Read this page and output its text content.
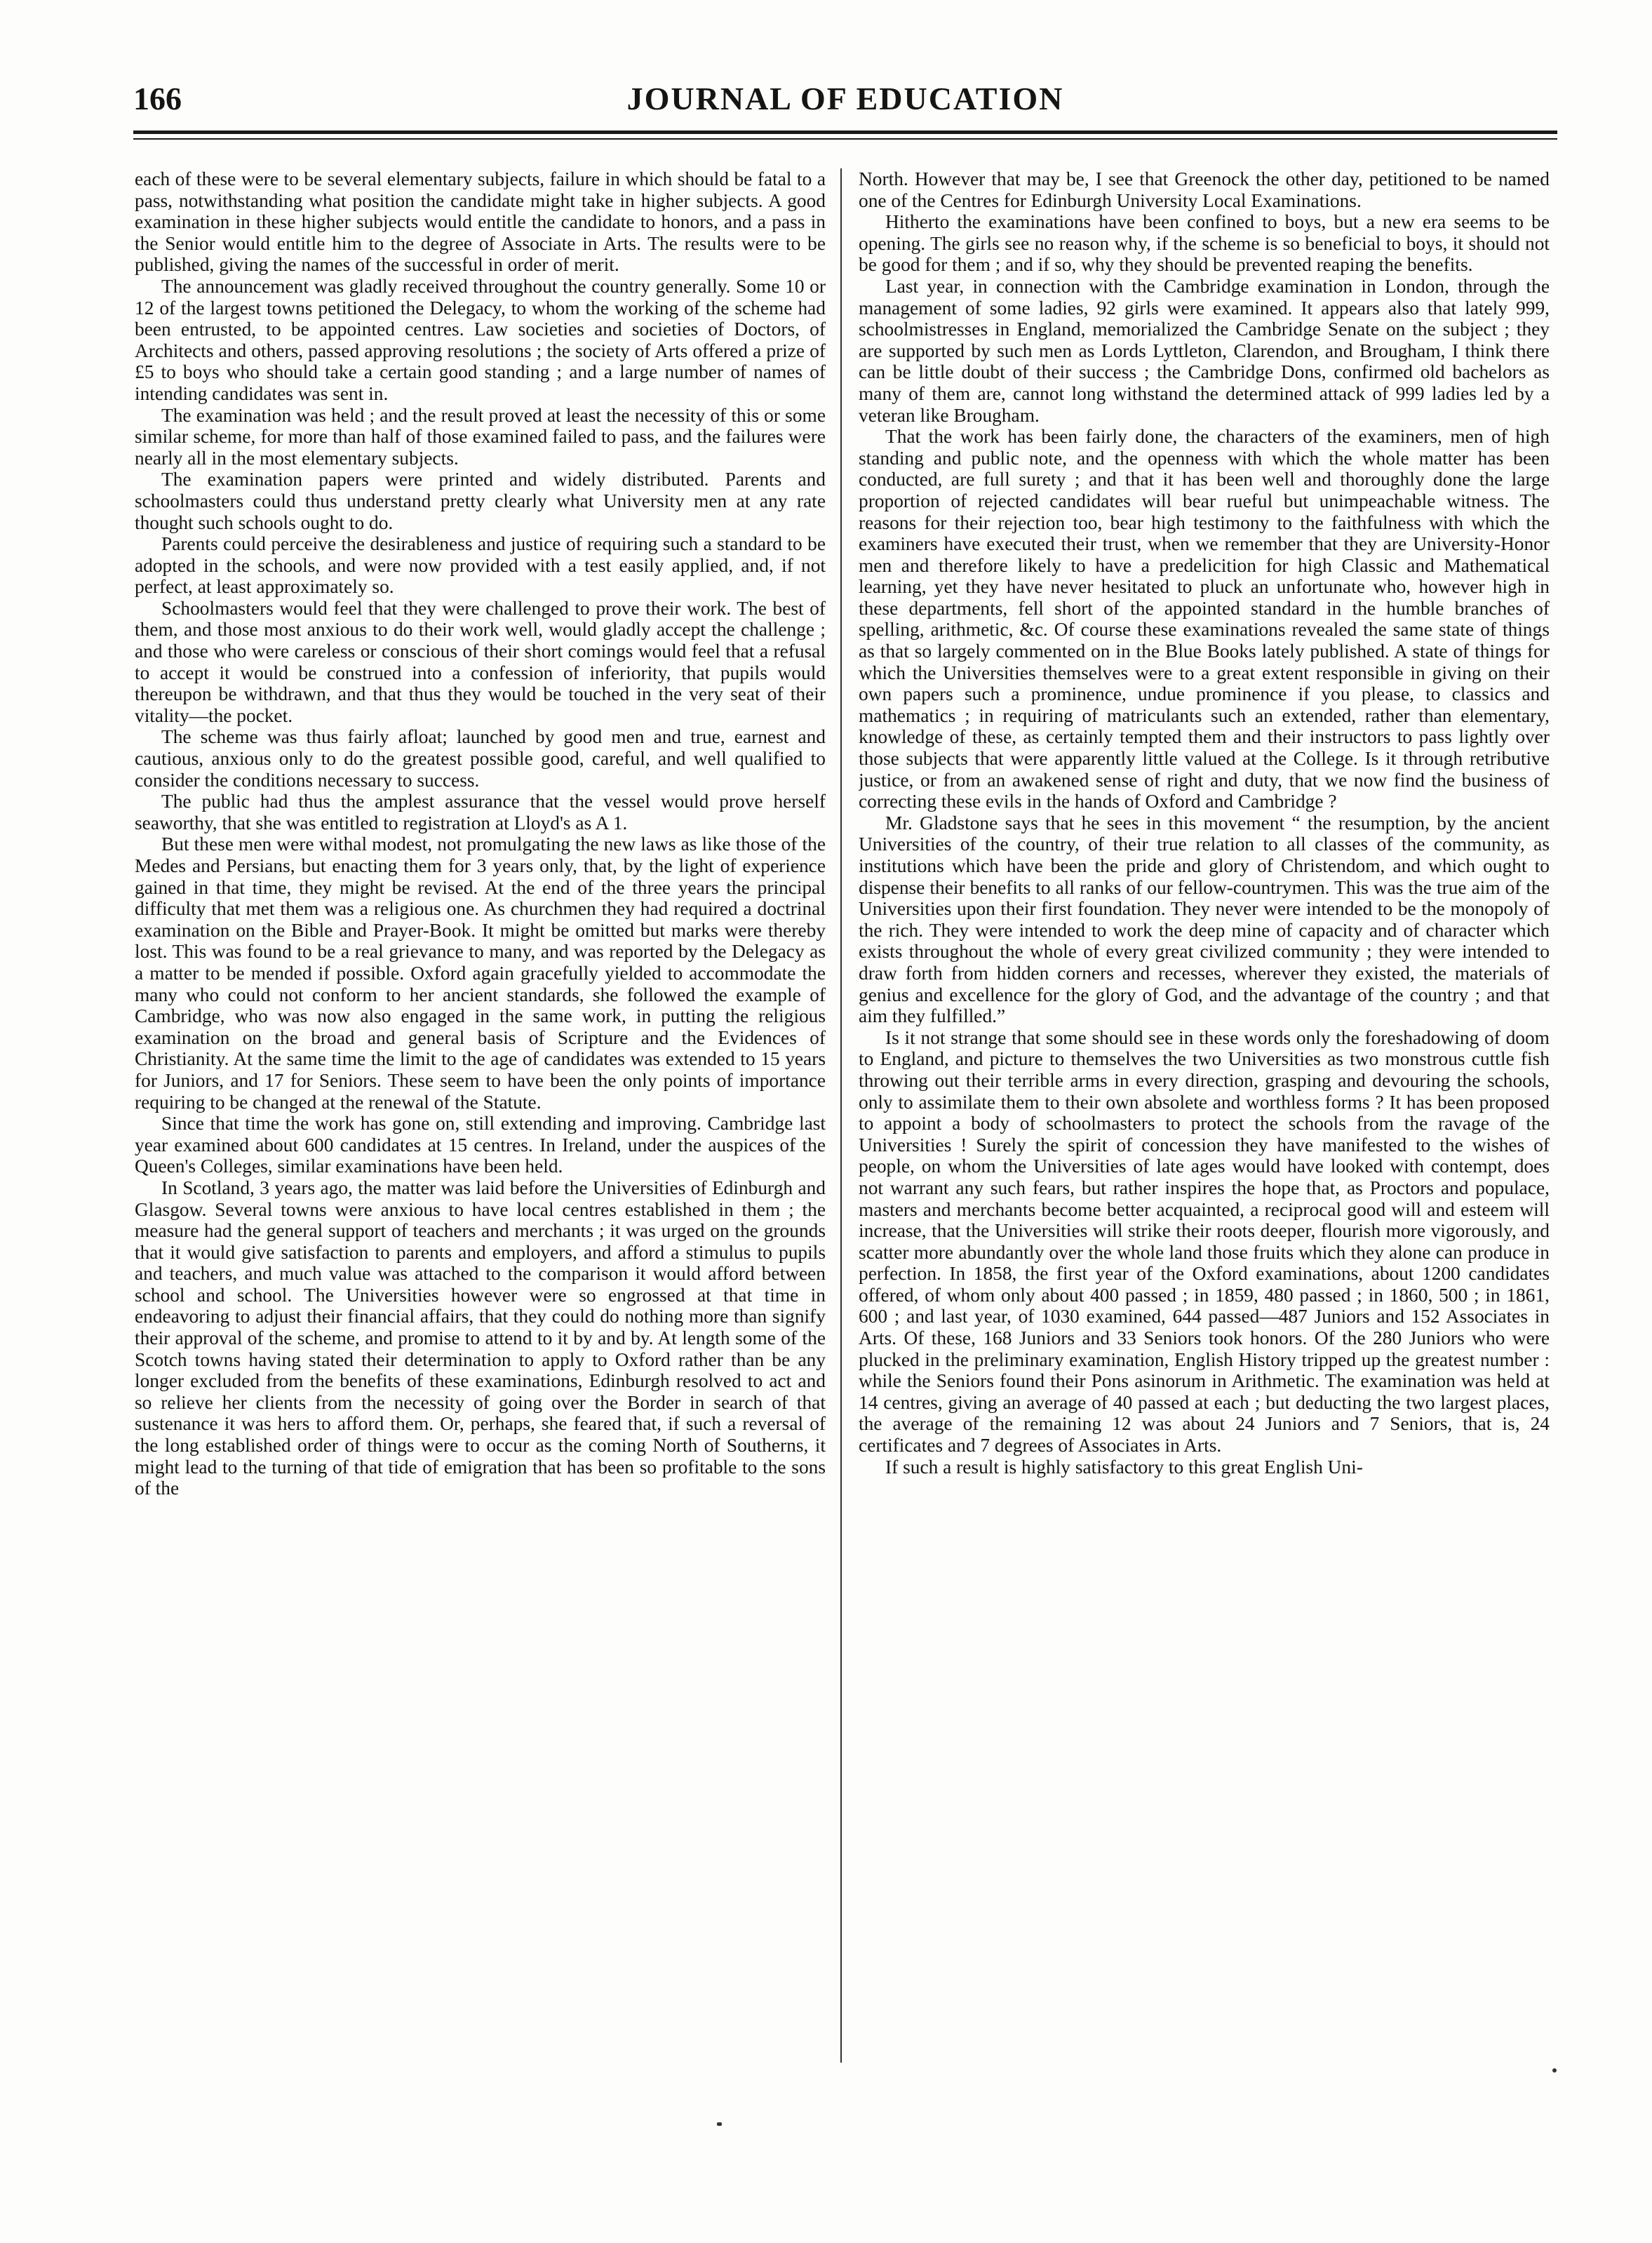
166	JOURNAL OF EDUCATION

each of these were to be several elementary subjects, failure in which should be fatal to a pass, notwithstanding what position the candidate might take in higher subjects. A good examination in these higher subjects would entitle the candidate to honors, and a pass in the Senior would entitle him to the degree of Associate in Arts. The results were to be published, giving the names of the successful in order of merit.

The announcement was gladly received throughout the country generally. Some 10 or 12 of the largest towns petitioned the Delegacy, to whom the working of the scheme had been entrusted, to be appointed centres. Law societies and societies of Doctors, of Architects and others, passed approving resolutions ; the society of Arts offered a prize of £5 to boys who should take a certain good standing ; and a large number of names of intending candidates was sent in.

The examination was held ; and the result proved at least the necessity of this or some similar scheme, for more than half of those examined failed to pass, and the failures were nearly all in the most elementary subjects.

The examination papers were printed and widely distributed. Parents and schoolmasters could thus understand pretty clearly what University men at any rate thought such schools ought to do.

Parents could perceive the desirableness and justice of requiring such a standard to be adopted in the schools, and were now provided with a test easily applied, and, if not perfect, at least approximately so.

Schoolmasters would feel that they were challenged to prove their work. The best of them, and those most anxious to do their work well, would gladly accept the challenge ; and those who were careless or conscious of their short comings would feel that a refusal to accept it would be construed into a confession of inferiority, that pupils would thereupon be withdrawn, and that thus they would be touched in the very seat of their vitality—the pocket.

The scheme was thus fairly afloat; launched by good men and true, earnest and cautious, anxious only to do the greatest possible good, careful, and well qualified to consider the conditions necessary to success.

The public had thus the amplest assurance that the vessel would prove herself seaworthy, that she was entitled to registration at Lloyd's as A 1.

But these men were withal modest, not promulgating the new laws as like those of the Medes and Persians, but enacting them for 3 years only, that, by the light of experience gained in that time, they might be revised. At the end of the three years the principal difficulty that met them was a religious one. As churchmen they had required a doctrinal examination on the Bible and Prayer-Book. It might be omitted but marks were thereby lost. This was found to be a real grievance to many, and was reported by the Delegacy as a matter to be mended if possible. Oxford again gracefully yielded to accommodate the many who could not conform to her ancient standards, she followed the example of Cambridge, who was now also engaged in the same work, in putting the religious examination on the broad and general basis of Scripture and the Evidences of Christianity. At the same time the limit to the age of candidates was extended to 15 years for Juniors, and 17 for Seniors. These seem to have been the only points of importance requiring to be changed at the renewal of the Statute.

Since that time the work has gone on, still extending and improving. Cambridge last year examined about 600 candidates at 15 centres. In Ireland, under the auspices of the Queen's Colleges, similar examinations have been held.

In Scotland, 3 years ago, the matter was laid before the Universities of Edinburgh and Glasgow. Several towns were anxious to have local centres established in them ; the measure had the general support of teachers and merchants ; it was urged on the grounds that it would give satisfaction to parents and employers, and afford a stimulus to pupils and teachers, and much value was attached to the comparison it would afford between school and school. The Universities however were so engrossed at that time in endeavoring to adjust their financial affairs, that they could do nothing more than signify their approval of the scheme, and promise to attend to it by and by. At length some of the Scotch towns having stated their determination to apply to Oxford rather than be any longer excluded from the benefits of these examinations, Edinburgh resolved to act and so relieve her clients from the necessity of going over the Border in search of that sustenance it was hers to afford them. Or, perhaps, she feared that, if such a reversal of the long established order of things were to occur as the coming North of Southerns, it might lead to the turning of that tide of emigration that has been so profitable to the sons of the

North. However that may be, I see that Greenock the other day, petitioned to be named one of the Centres for Edinburgh University Local Examinations.

Hitherto the examinations have been confined to boys, but a new era seems to be opening. The girls see no reason why, if the scheme is so beneficial to boys, it should not be good for them ; and if so, why they should be prevented reaping the benefits.

Last year, in connection with the Cambridge examination in London, through the management of some ladies, 92 girls were examined. It appears also that lately 999, schoolmistresses in England, memorialized the Cambridge Senate on the subject ; they are supported by such men as Lords Lyttleton, Clarendon, and Brougham, I think there can be little doubt of their success ; the Cambridge Dons, confirmed old bachelors as many of them are, cannot long withstand the determined attack of 999 ladies led by a veteran like Brougham.

That the work has been fairly done, the characters of the examiners, men of high standing and public note, and the openness with which the whole matter has been conducted, are full surety ; and that it has been well and thoroughly done the large proportion of rejected candidates will bear rueful but unimpeachable witness. The reasons for their rejection too, bear high testimony to the faithfulness with which the examiners have executed their trust, when we remember that they are University-Honor men and therefore likely to have a predelicition for high Classic and Mathematical learning, yet they have never hesitated to pluck an unfortunate who, however high in these departments, fell short of the appointed standard in the humble branches of spelling, arithmetic, &c. Of course these examinations revealed the same state of things as that so largely commented on in the Blue Books lately published. A state of things for which the Universities themselves were to a great extent responsible in giving on their own papers such a prominence, undue prominence if you please, to classics and mathematics ; in requiring of matriculants such an extended, rather than elementary, knowledge of these, as certainly tempted them and their instructors to pass lightly over those subjects that were apparently little valued at the College. Is it through retributive justice, or from an awakened sense of right and duty, that we now find the business of correcting these evils in the hands of Oxford and Cambridge ?

Mr. Gladstone says that he sees in this movement “ the resumption, by the ancient Universities of the country, of their true relation to all classes of the community, as institutions which have been the pride and glory of Christendom, and which ought to dispense their benefits to all ranks of our fellow-countrymen. This was the true aim of the Universities upon their first foundation. They never were intended to be the monopoly of the rich. They were intended to work the deep mine of capacity and of character which exists throughout the whole of every great civilized community ; they were intended to draw forth from hidden corners and recesses, wherever they existed, the materials of genius and excellence for the glory of God, and the advantage of the country ; and that aim they fulfilled.”

Is it not strange that some should see in these words only the foreshadowing of doom to England, and picture to themselves the two Universities as two monstrous cuttle fish throwing out their terrible arms in every direction, grasping and devouring the schools, only to assimilate them to their own absolete and worthless forms ? It has been proposed to appoint a body of schoolmasters to protect the schools from the ravage of the Universities ! Surely the spirit of concession they have manifested to the wishes of people, on whom the Universities of late ages would have looked with contempt, does not warrant any such fears, but rather inspires the hope that, as Proctors and populace, masters and merchants become better acquainted, a reciprocal good will and esteem will increase, that the Universities will strike their roots deeper, flourish more vigorously, and scatter more abundantly over the whole land those fruits which they alone can produce in perfection. In 1858, the first year of the Oxford examinations, about 1200 candidates offered, of whom only about 400 passed ; in 1859, 480 passed ; in 1860, 500 ; in 1861, 600 ; and last year, of 1030 examined, 644 passed—487 Juniors and 152 Associates in Arts. Of these, 168 Juniors and 33 Seniors took honors. Of the 280 Juniors who were plucked in the preliminary examination, English History tripped up the greatest number : while the Seniors found their Pons asinorum in Arithmetic. The examination was held at 14 centres, giving an average of 40 passed at each ; but deducting the two largest places, the average of the remaining 12 was about 24 Juniors and 7 Seniors, that is, 24 certificates and 7 degrees of Associates in Arts.

If such a result is highly satisfactory to this great English Uni-
